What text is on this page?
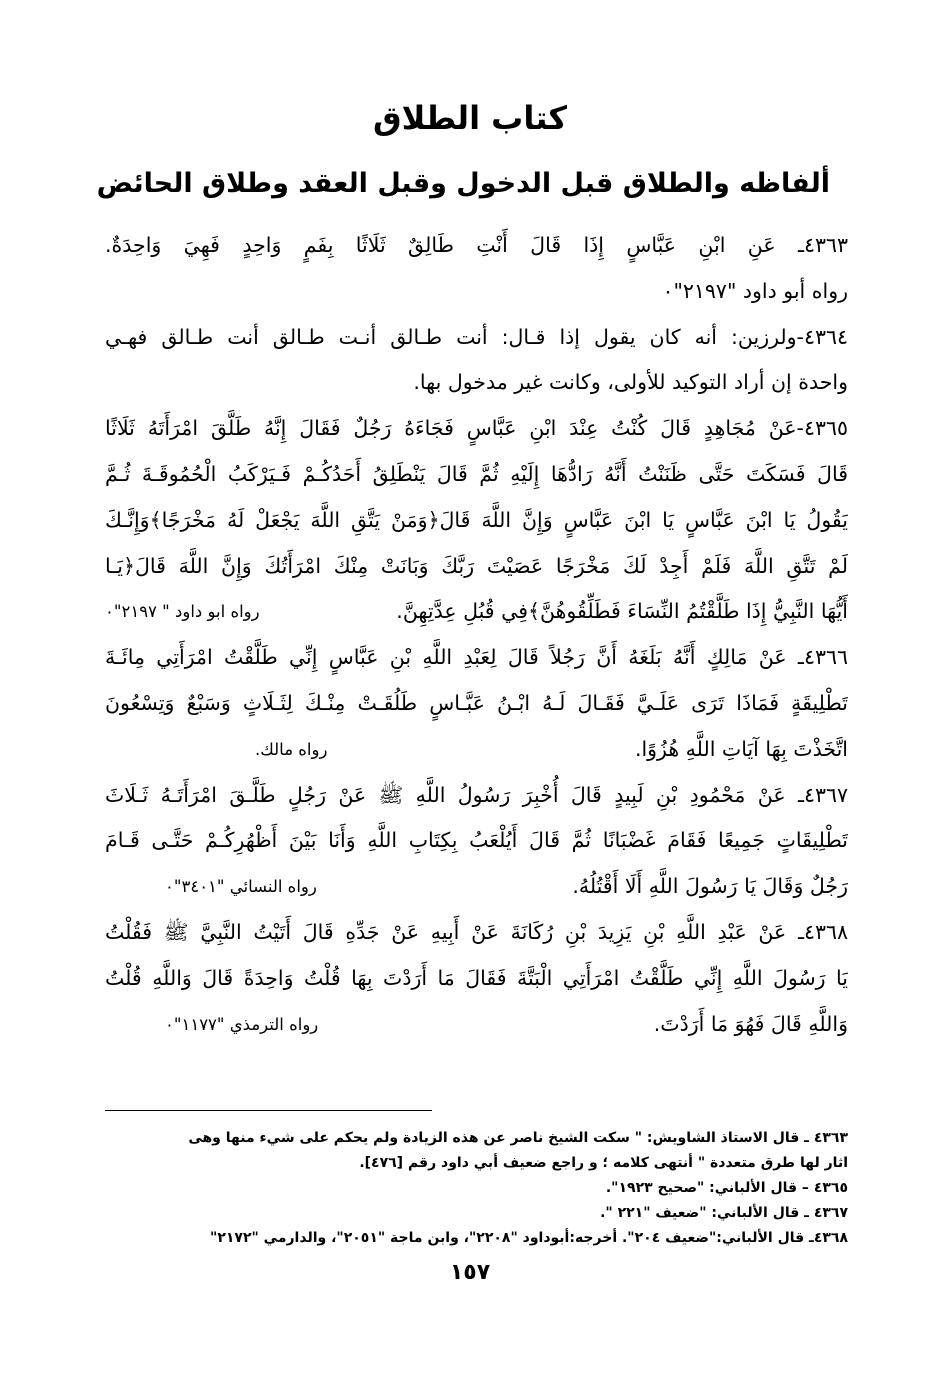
كتاب الطلاق
ألفاظه والطلاق قبل الدخول وقبل العقد وطلاق الحائض
٤٣٦٣ـ عَنِ ابْنِ عَبَّاسٍ إِذَا قَالَ أَنْتِ طَالِقٌ ثَلَاثًا بِفَمٍ وَاحِدٍ فَهِيَ وَاحِدَةٌ.
رواه أبو داود "٢١٩٧"٠
٤٣٦٤-ولرزين: أنه كان يقول إذا قـال: أنت طـالق أنـت طـالق أنت طـالق فهـي
واحدة إن أراد التوكيد للأولى، وكانت غير مدخول بها.
٤٣٦٥-عَنْ مُجَاهِدٍ قَالَ كُنْتُ عِنْدَ ابْنِ عَبَّاسٍ فَجَاءَهُ رَجُلٌ فَقَالَ إِنَّهُ طَلَّقَ امْرَأَتَهُ ثَلَاثًا
قَالَ فَسَكَتَ حَتَّى ظَنَنْتُ أَنَّهُ رَادُّهَا إِلَيْهِ ثُمَّ قَالَ يَنْطَلِقُ أَحَدُكُـمْ فَـيَرْكَبُ الْحُمُوقَـةَ ثُـمَّ
يَقُولُ يَا ابْنَ عَبَّاسٍ يَا ابْنَ عَبَّاسٍ وَإِنَّ اللَّهَ قَالَ﴿وَمَنْ يَتَّقِ اللَّهَ يَجْعَلْ لَهُ مَخْرَجًا﴾وَإِنَّـكَ
لَمْ تَتَّقِ اللَّهَ فَلَمْ أَجِدْ لَكَ مَخْرَجًا عَصَيْتَ رَبَّكَ وَبَانَتْ مِنْكَ امْرَأَتُكَ وَإِنَّ اللَّهَ قَالَ﴿يَـا
رواه ابو داود " ٢١٩٧"٠	أَيُّهَا النَّبِيُّ إِذَا طَلَّقْتُمُ النِّسَاءَ فَطَلِّقُوهُنَّ﴾فِي قُبُلِ عِدَّتِهِنَّ.
٤٣٦٦ـ عَنْ مَالِكٍ أَنَّهُ بَلَغَهُ أَنَّ رَجُلاً قَالَ لِعَبْدِ اللَّهِ بْنِ عَبَّاسٍ إِنِّي طَلَّقْتُ امْرَأَتِي مِائَـةَ
تَطْلِيقَةٍ فَمَاذَا تَرَى عَلَـيَّ فَقَـالَ لَـهُ ابْـنُ عَبَّـاسٍ طَلُقَـتْ مِنْـكَ لِثَـلَاثٍ وَسَبْعٌ وَتِسْعُونَ
رواه مالك.	اتَّخَذْتَ بِهَا آيَاتِ اللَّهِ هُزُوًا.
٤٣٦٧ـ عَنْ مَحْمُودِ بْنِ لَبِيدٍ قَالَ أُخْبِرَ رَسُولُ اللَّهِ ﷺ عَنْ رَجُلٍ طَلَّـقَ امْرَأَتَـهُ ثَـلَاثَ
تَطْلِيقَاتٍ جَمِيعًا فَقَامَ غَضْبَانًا ثُمَّ قَالَ أَيُلْعَبُ بِكِتَابِ اللَّهِ وَأَنَا بَيْنَ أَظْهُرِكُـمْ حَتَّـى قَـامَ
رواه النسائي "٣٤٠١"٠	رَجُلٌ وَقَالَ يَا رَسُولَ اللَّهِ أَلَا أَقْتُلُهُ.
٤٣٦٨ـ عَنْ عَبْدِ اللَّهِ بْنِ يَزِيدَ بْنِ رُكَانَةَ عَنْ أَبِيهِ عَنْ جَدِّهِ قَالَ أَتَيْتُ النَّبِيَّ ﷺ فَقُلْتُ
يَا رَسُولَ اللَّهِ إِنِّي طَلَّقْتُ امْرَأَتِي الْبَتَّةَ فَقَالَ مَا أَرَدْتَ بِهَا قُلْتُ وَاحِدَةً قَالَ وَاللَّهِ قُلْتُ
رواه الترمذي "١١٧٧"٠	وَاللَّهِ قَالَ فَهُوَ مَا أَرَدْتَ.
٤٣٦٣ ـ قال الاستاذ الشاويش: " سكت الشيخ ناصر عن هذه الزيادة ولم يحكم على شيء منها وهى
اثار لها طرق متعددة " أنتهى كلامه ؛ و راجع ضعيف أبي داود رقم [٤٧٦].
٤٣٦٥ – قال الألباني: "صحيح ١٩٢٣".
٤٣٦٧ ـ قال الألباني: "ضعيف "٢٢١ ".
٤٣٦٨ـ قال الألباني:"ضعيف ٢٠٤". أخرجه:أبوداود "٢٢٠٨"، وابن ماجة "٢٠٥١"، والدارمي "٢١٧٢"
١٥٧
